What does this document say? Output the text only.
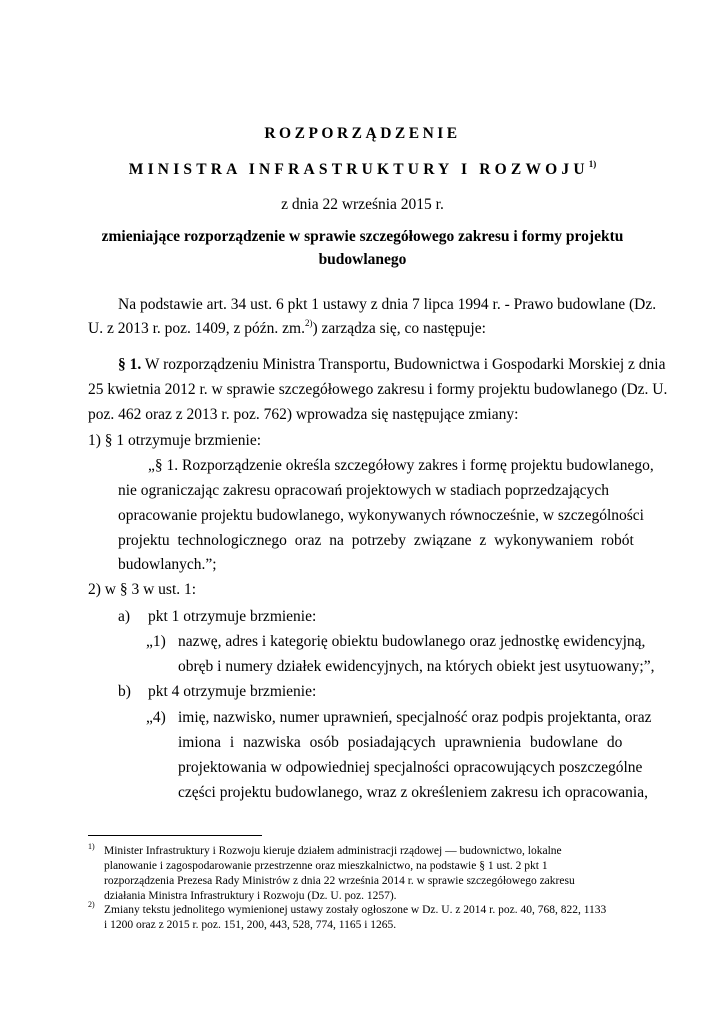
ROZPORZĄDZENIE
MINISTRA INFRASTRUKTURY I ROZWOJU$^{1)}$
z dnia 22 września 2015 r.
zmieniające rozporządzenie w sprawie szczegółowego zakresu i formy projektu
budowlanego
Na podstawie art. 34 ust. 6 pkt 1 ustawy z dnia 7 lipca 1994 r. - Prawo budowlane (Dz.
U. z 2013 r. poz. 1409, z późn. zm.$^{2)}$) zarządza się, co następuje:
§ 1. W rozporządzeniu Ministra Transportu, Budownictwa i Gospodarki Morskiej z dnia
25 kwietnia 2012 r. w sprawie szczegółowego zakresu i formy projektu budowlanego (Dz. U.
poz. 462 oraz z 2013 r. poz. 762) wprowadza się następujące zmiany:
1) § 1 otrzymuje brzmienie:
„§ 1. Rozporządzenie określa szczegółowy zakres i formę projektu budowlanego,
nie ograniczając zakresu opracowań projektowych w stadiach poprzedzających
opracowanie projektu budowlanego, wykonywanych równocześnie, w szczególności
projektu technologicznego oraz na potrzeby związane z wykonywaniem robót
budowlanych.”;
2) w § 3 w ust. 1:
a) pkt 1 otrzymuje brzmienie:
„1) nazwę, adres i kategorię obiektu budowlanego oraz jednostkę ewidencyjną,
obręb i numery działek ewidencyjnych, na których obiekt jest usytuowany;”,
b) pkt 4 otrzymuje brzmienie:
„4) imię, nazwisko, numer uprawnień, specjalność oraz podpis projektanta, oraz
imiona i nazwiska osób posiadających uprawnienia budowlane do
projektowania w odpowiedniej specjalności opracowujących poszczególne
części projektu budowlanego, wraz z określeniem zakresu ich opracowania,
1) Minister Infrastruktury i Rozwoju kieruje działem administracji rządowej — budownictwo, lokalne
planowanie i zagospodarowanie przestrzenne oraz mieszkalnictwo, na podstawie § 1 ust. 2 pkt 1
rozporządzenia Prezesa Rady Ministrów z dnia 22 września 2014 r. w sprawie szczegółowego zakresu
działania Ministra Infrastruktury i Rozwoju (Dz. U. poz. 1257).
2) Zmiany tekstu jednolitego wymienionej ustawy zostały ogłoszone w Dz. U. z 2014 r. poz. 40, 768, 822, 1133
i 1200 oraz z 2015 r. poz. 151, 200, 443, 528, 774, 1165 i 1265.
